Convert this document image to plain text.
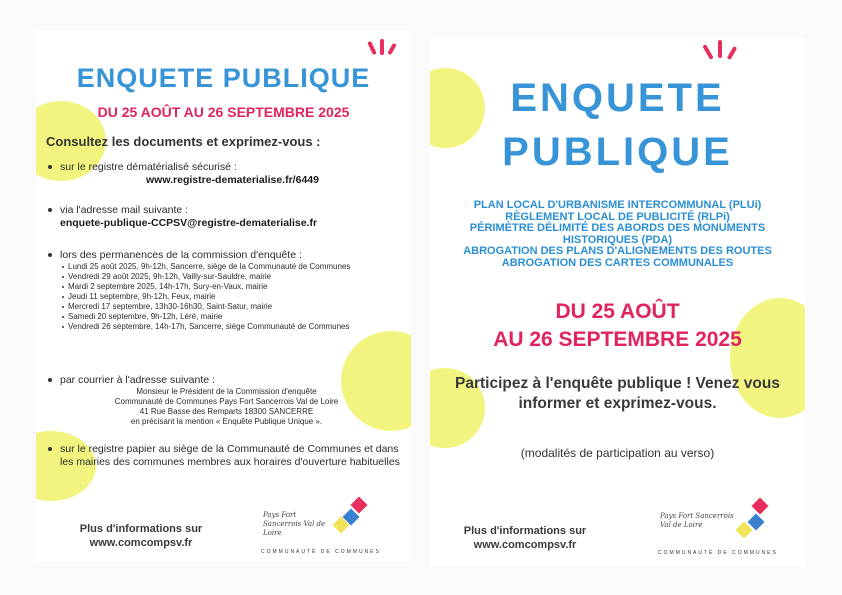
ENQUETE PUBLIQUE
DU 25 AOÛT AU 26 SEPTEMBRE 2025
Consultez les documents et exprimez-vous :
sur le registre dématérialisé sécurisé :
www.registre-dematerialise.fr/6449
via l'adresse mail suivante :
enquete-publique-CCPSV@registre-dematerialise.fr
lors des permanences de la commission d'enquête :
Lundi 25 août 2025, 9h-12h, Sancerre, siège de la Communauté de Communes
Vendredi 29 août 2025, 9h-12h, Vailly-sur-Sauldre, mairie
Mardi 2 septembre 2025, 14h-17h, Sury-en-Vaux, mairie
Jeudi 11 septembre, 9h-12h, Feux, mairie
Mercredi 17 septembre, 13h30-16h30, Saint-Satur, mairie
Samedi 20 septembre, 9h-12h, Léré, mairie
Vendredi 26 septembre, 14h-17h, Sancerre, siège Communauté de Communes
par courrier à l'adresse suivante :
Monsieur le Président de la Commission d'enquête
Communauté de Communes Pays Fort Sancerrois Val de Loire
41 Rue Basse des Remparts 18300 SANCERRE
en précisant la mention « Enquête Publique Unique ».
sur le registre papier au siège de la Communauté de Communes et dans les mairies des communes membres aux horaires d'ouverture habituelles
Plus d'informations sur
www.comcompsv.fr
Pays Fort Sancerrois Val de Loire
COMMUNAUTÉ DE COMMUNES
ENQUETE
PUBLIQUE
PLAN LOCAL D'URBANISME INTERCOMMUNAL (PLUi)
RÈGLEMENT LOCAL DE PUBLICITÉ (RLPi)
PÉRIMÈTRE DÉLIMITÉ DES ABORDS DES MONUMENTS
HISTORIQUES (PDA)
ABROGATION DES PLANS D'ALIGNEMENTS DES ROUTES
ABROGATION DES CARTES COMMUNALES
DU 25 AOÛT
AU 26 SEPTEMBRE 2025
Participez à l'enquête publique ! Venez vous informer et exprimez-vous.
(modalités de participation au verso)
Plus d'informations sur
www.comcompsv.fr
Pays Fort Sancerrois Val de Loire
COMMUNAUTÉ DE COMMUNES
